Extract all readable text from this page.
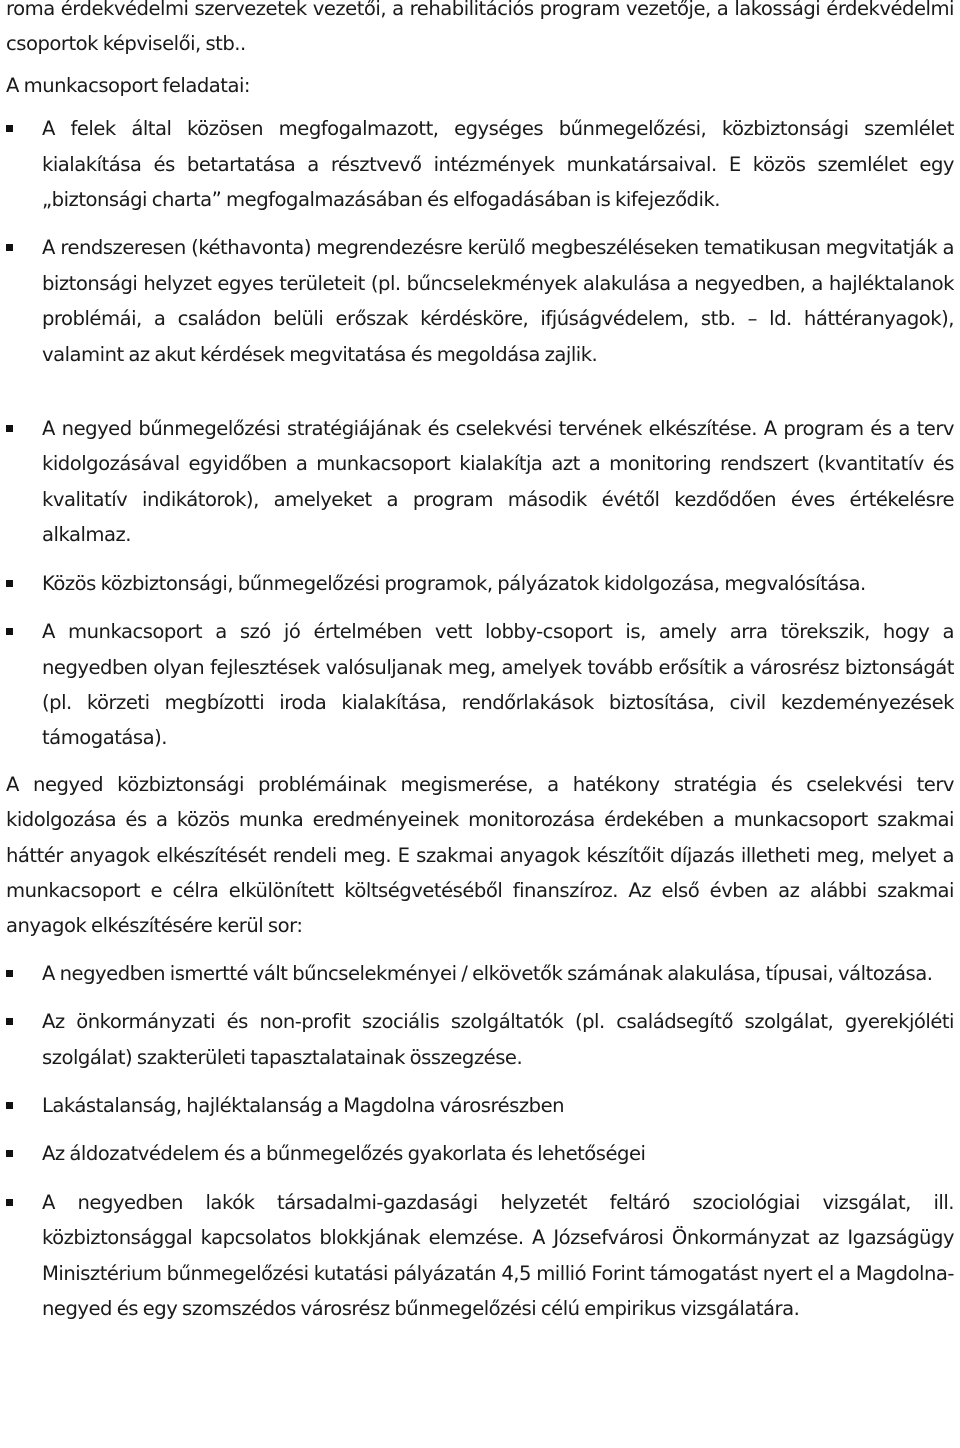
roma érdekvédelmi szervezetek vezetői, a rehabilitációs program vezetője, a lakossági érdekvédelmi csoportok képviselői, stb..

A munkacsoport feladatai:

A felek által közösen megfogalmazott, egységes bűnmegelőzési, közbiztonsági szemlélet kialakítása és betartatása a résztvevő intézmények munkatársaival. E közös szemlélet egy „biztonsági charta” megfogalmazásában és elfogadásában is kifejeződik.
A rendszeresen (kéthavonta) megrendezésre kerülő megbeszéléseken tematikusan megvitatják a biztonsági helyzet egyes területeit (pl. bűncselekmények alakulása a negyedben, a hajléktalanok problémái, a családon belüli erőszak kérdésköre, ifjúságvédelem, stb. – ld. háttéranyagok), valamint az akut kérdések megvitatása és megoldása zajlik.
A negyed bűnmegelőzési stratégiájának és cselekvési tervének elkészítése. A program és a terv kidolgozásával egyidőben a munkacsoport kialakítja azt a monitoring rendszert (kvantitatív és kvalitatív indikátorok), amelyeket a program második évétől kezdődően éves értékelésre alkalmaz.
Közös közbiztonsági, bűnmegelőzési programok, pályázatok kidolgozása, megvalósítása.
A munkacsoport a szó jó értelmében vett lobby-csoport is, amely arra törekszik, hogy a negyedben olyan fejlesztések valósuljanak meg, amelyek tovább erősítik a városrész biztonságát (pl. körzeti megbízotti iroda kialakítása, rendőrlakások biztosítása, civil kezdeményezések támogatása).

A negyed közbiztonsági problémáinak megismerése, a hatékony stratégia és cselekvési terv kidolgozása és a közös munka eredményeinek monitorozása érdekében a munkacsoport szakmai háttér anyagok elkészítését rendeli meg. E szakmai anyagok készítőit díjazás illetheti meg, melyet a munkacsoport e célra elkülönített költségvetéséből finanszíroz. Az első évben az alábbi szakmai anyagok elkészítésére kerül sor:

A negyedben ismertté vált bűncselekményei / elkövetők számának alakulása, típusai, változása.
Az önkormányzati és non-profit szociális szolgáltatók (pl. családsegítő szolgálat, gyerekjóléti szolgálat) szakterületi tapasztalatainak összegzése.
Lakástalanság, hajléktalanság a Magdolna városrészben
Az áldozatvédelem és a bűnmegelőzés gyakorlata és lehetőségei
A negyedben lakók társadalmi-gazdasági helyzetét feltáró szociológiai vizsgálat, ill. közbiztonsággal kapcsolatos blokkjának elemzése. A Józsefvárosi Önkormányzat az Igazságügy Minisztérium bűnmegelőzési kutatási pályázatán 4,5 millió Forint támogatást nyert el a Magdolna-negyed és egy szomszédos városrész bűnmegelőzési célú empirikus vizsgálatára.
